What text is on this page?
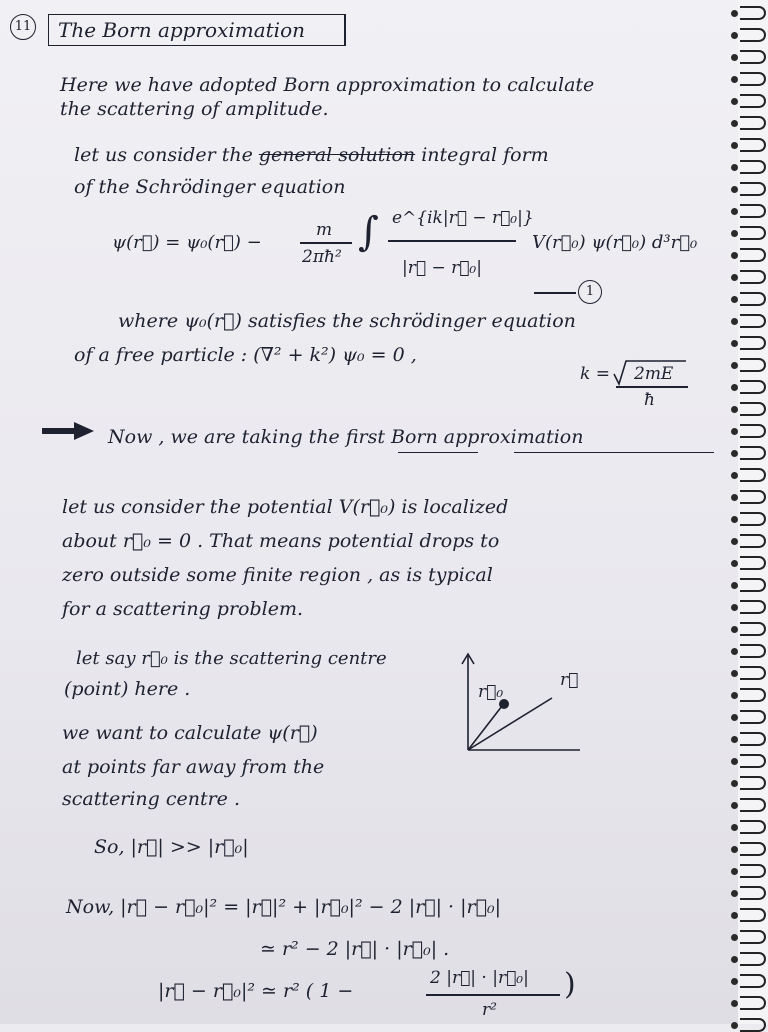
11 The Born approximation
Here we have adopted Born approximation to calculate
the scattering of amplitude.
let us consider the general solution integral form
of the Schrödinger equation
ψ(r⃗) = ψ₀(r⃗) −
m
2πħ²
∫ e^{ik|r⃗ − r⃗₀|}
|r⃗ − r⃗₀|
V(r⃗₀) ψ(r⃗₀) d³r⃗₀
1
where ψ₀(r⃗) satisfies the schrödinger equation
of a free particle : (∇² + k²) ψ₀ = 0 ,
k = 2mE
ħ
Now , we are taking the first Born approximation
let us consider the potential V(r⃗₀) is localized
about r⃗₀ = 0 . That means potential drops to
zero outside some finite region , as is typical
for a scattering problem.
let say r⃗₀ is the scattering centre
(point) here .	r⃗₀
r⃗
we want to calculate ψ(r⃗)
at points far away from the
scattering centre .
So, |r⃗| >> |r⃗₀|
Now, |r⃗ − r⃗₀|² = |r⃗|² + |r⃗₀|² − 2 |r⃗| · |r⃗₀|
≃ r² − 2 |r⃗| · |r⃗₀| .
|r⃗ − r⃗₀|² ≃ r² ( 1 −
2 |r⃗| · |r⃗₀|
r²
)
